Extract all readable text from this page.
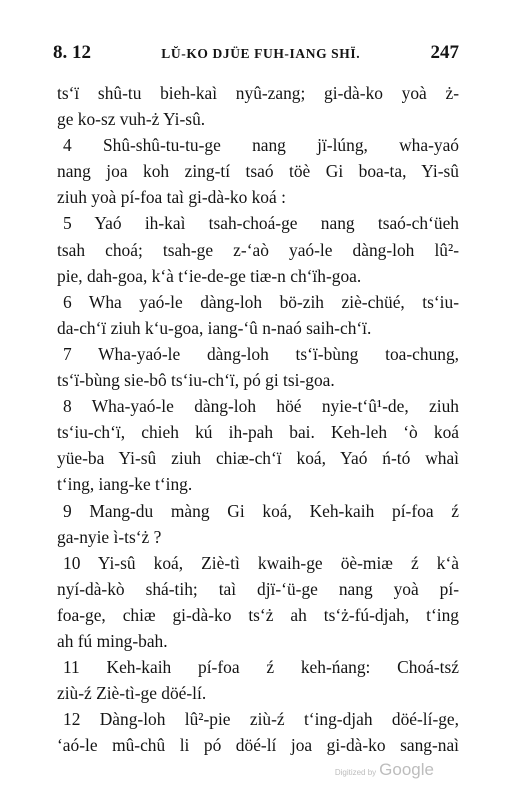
8. 12	LŬ-KO DJÜE FUH-IANG SHÏ.	247
tsʻï shû-tu bieh-kaì nyû-zang; gi-dà-ko yoà ż-
ge ko-sz vuh-ż Yi-sû.
4 Shû-shû-tu-tu-ge nang jï-lúng, wha-yaó
nang joa koh zing-tí tsaó töè Gi boa-ta, Yi-sû
ziuh yoà pí-foa taì gi-dà-ko koá :
5 Yaó ih-kaì tsah-choá-ge nang tsaó-chʻüeh
tsah choá; tsah-ge z-ʻaò yaó-le dàng-loh lû²-
pie, dah-goa, kʻà tʻie-de-ge tiæ-n chʻïh-goa.
6 Wha yaó-le dàng-loh bö-zih ziè-chüé, tsʻiu-
da-chʻï ziuh kʻu-goa, iang-ʻû n-naó saih-chʻï.
7 Wha-yaó-le dàng-loh tsʻï-bùng toa-chung,
tsʻï-bùng sie-bô tsʻiu-chʻï, pó gi tsi-goa.
8 Wha-yaó-le dàng-loh höé nyie-tʻû¹-de, ziuh
tsʻiu-chʻï, chieh kú ih-pah bai. Keh-leh ʻò koá
yüe-ba Yi-sû ziuh chiæ-chʻï koá, Yaó ń-tó whaì
tʻing, iang-ke tʻing.
9 Mang-du màng Gi koá, Keh-kaih pí-foa ź
ga-nyie ì-tsʻż ?
10 Yi-sû koá, Ziè-tì kwaih-ge öè-miæ ź kʻà
nyí-dà-kò shá-tih; taì djï-ʻü-ge nang yoà pí-
foa-ge, chiæ gi-dà-ko tsʻż ah tsʻż-fú-djah, tʻing
ah fú ming-bah.
11 Keh-kaih pí-foa ź keh-ńang: Choá-tsź
ziù-ź Ziè-tì-ge döé-lí.
12 Dàng-loh lû²-pie ziù-ź tʻing-djah döé-lí-ge,
ʻaó-le mû-chû li pó döé-lí joa gi-dà-ko sang-naì
Digitized by Google
